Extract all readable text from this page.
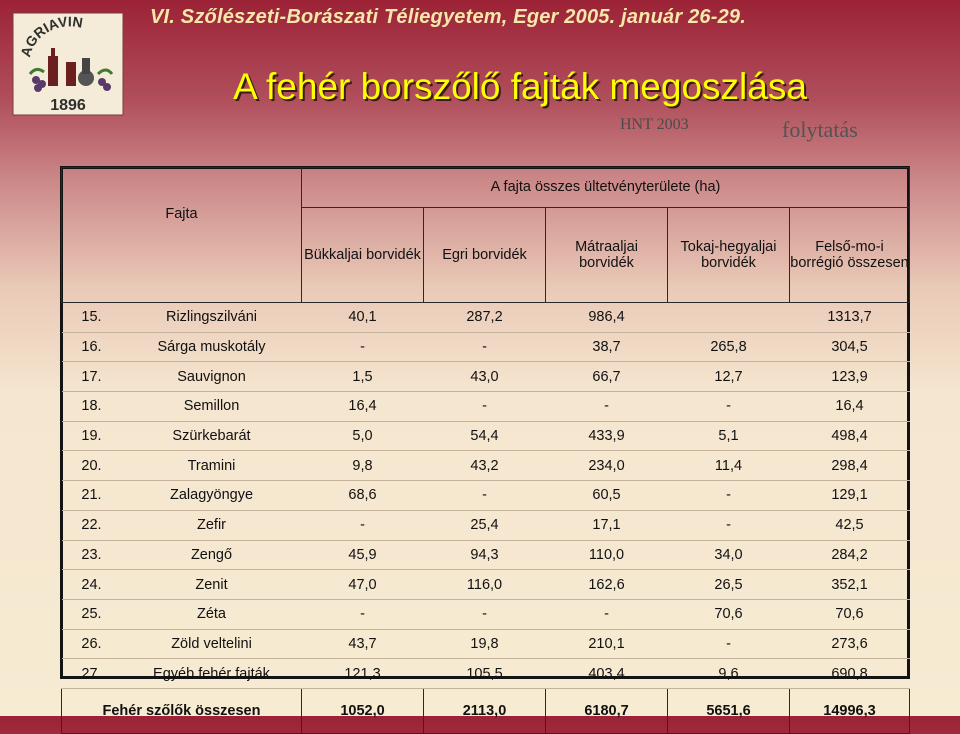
VI. Szőlészeti-Borászati Téliegyetem, Eger 2005. január 26-29.
AGRIAVIN
1896	A fehér borszőlő fajták megoszlása
HNT 2003	folytatás
Fajta		A fajta összes ültetvényterülete (ha)				
		Bükkaljai borvidék	Egri borvidék	Mátraaljai borvidék	Tokaj-hegyaljai borvidék	Felső-mo-i borrégió összesen
15.	Rizlingszilváni	40,1	287,2	986,4		1313,7
16.	Sárga muskotály	-	-	38,7	265,8	304,5
17.	Sauvignon	1,5	43,0	66,7	12,7	123,9
18.	Semillon	16,4	-	-	-	16,4
19.	Szürkebarát	5,0	54,4	433,9	5,1	498,4
20.	Tramini	9,8	43,2	234,0	11,4	298,4
21.	Zalagyöngye	68,6	-	60,5	-	129,1
22.	Zefir	-	25,4	17,1	-	42,5
23.	Zengő	45,9	94,3	110,0	34,0	284,2
24.	Zenit	47,0	116,0	162,6	26,5	352,1
25.	Zéta	-	-	-	70,6	70,6
26.	Zöld veltelini	43,7	19,8	210,1	-	273,6
27.	Egyéb fehér fajták	121,3	105,5	403,4	9,6	690,8
Fehér szőlők összesen		1052,0	2113,0	6180,7	5651,6	14996,3
